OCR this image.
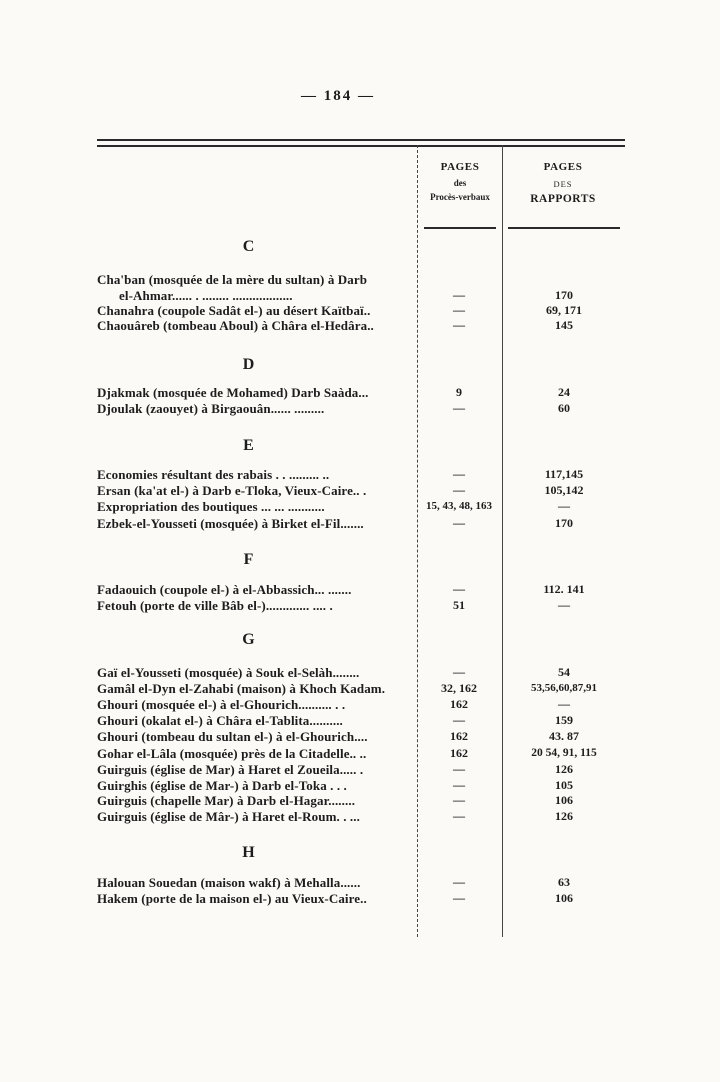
— 184 —
PAGES
des
Procès-verbaux
PAGES
DES
RAPPORTS
C
Cha'ban (mosquée de la mère du sultan) à Darb
el-Ahmar...... . ........ ..................	—	170
Chanahra (coupole Sadât el-) au désert Kaïtbaï..	—	69, 171
Chaouâreb (tombeau Aboul) à Châra el-Hedâra..	—	145
D
Djakmak (mosquée de Mohamed) Darb Saàda...	9	24
Djoulak (zaouyet) à Birgaouân...... .........	—	60
E
Economies résultant des rabais . . ......... ..	—	117,145
Ersan (ka'at el-) à Darb e-Tloka, Vieux-Caire.. .	—	105,142
Expropriation des boutiques ... ... ...........	15, 43, 48, 163	—
Ezbek-el-Yousseti (mosquée) à Birket el-Fil.......	—	170
F
Fadaouich (coupole el-) à el-Abbassich... .......	—	112. 141
Fetouh (porte de ville Bâb el-)............. .... .	51	—
G
Gaï el-Yousseti (mosquée) à Souk el-Selàh........	—	54
Gamâl el-Dyn el-Zahabi (maison) à Khoch Kadam.	32, 162	53,56,60,87,91
Ghouri (mosquée el-) à el-Ghourich.......... . .	162	—
Ghouri (okalat el-) à Châra el-Tablita..........	—	159
Ghouri (tombeau du sultan el-) à el-Ghourich....	162	43. 87
Gohar el-Lâla (mosquée) près de la Citadelle.. ..	162	20 54, 91, 115
Guirguis (église de Mar) à Haret el Zoueila..... .	—	126
Guirghis (église de Mar-) à Darb el-Toka . . .	—	105
Guirguis (chapelle Mar) à Darb el-Hagar........	—	106
Guirguis (église de Mâr-) à Haret el-Roum. . ...	—	126
H
Halouan Souedan (maison wakf) à Mehalla......	—	63
Hakem (porte de la maison el-) au Vieux-Caire..	—	106
